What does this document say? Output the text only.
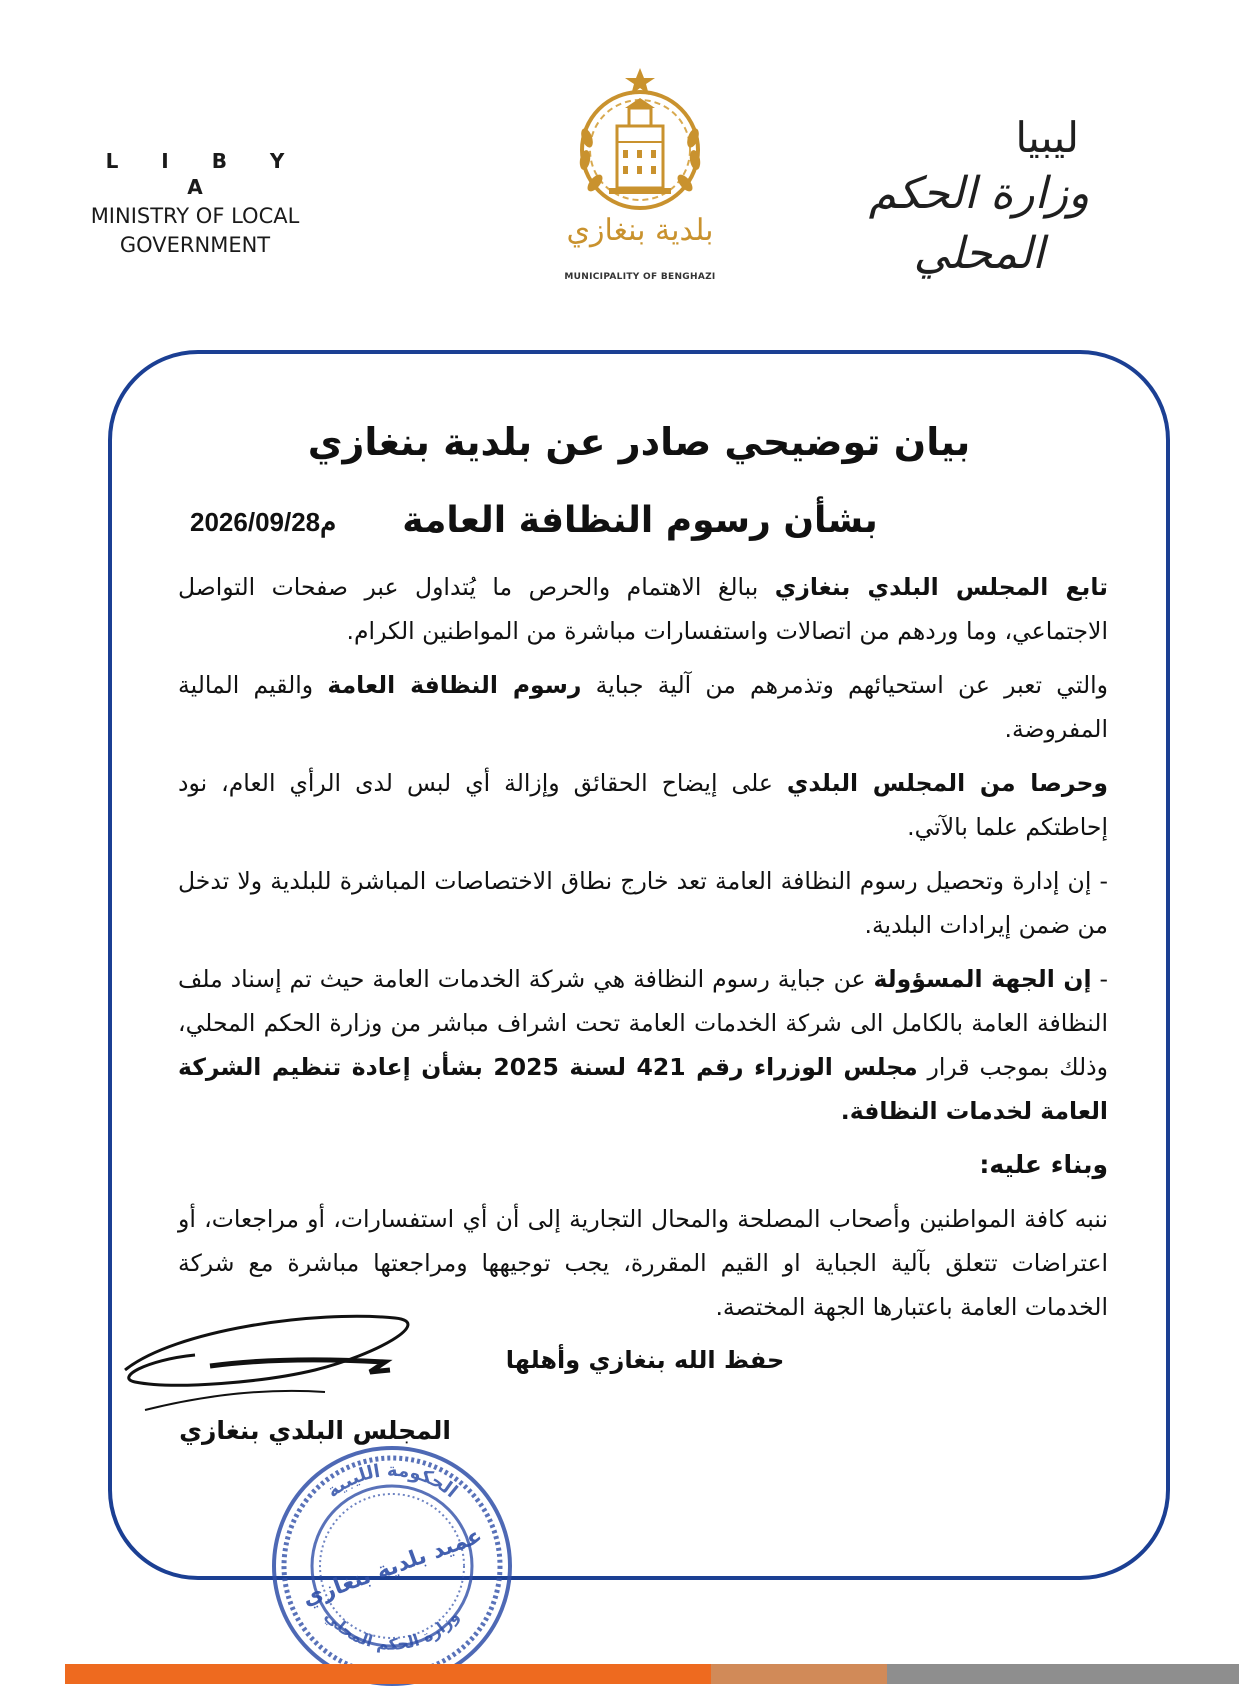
L I B Y A
MINISTRY OF LOCAL
GOVERNMENT	بلدية بنغازي
MUNICIPALITY OF BENGHAZI
ليبيا
وزارة الحكم المحلي
بيان توضيحي صادر عن بلدية بنغازي
بشأن رسوم النظافة العامة
2026/09/28م

تابع المجلس البلدي بنغازي ببالغ الاهتمام والحرص ما يُتداول عبر صفحات التواصل الاجتماعي، وما وردهم من اتصالات واستفسارات مباشرة من المواطنين الكرام.

والتي تعبر عن استحيائهم وتذمرهم من آلية جباية رسوم النظافة العامة والقيم المالية المفروضة.

وحرصا من المجلس البلدي على إيضاح الحقائق وإزالة أي لبس لدى الرأي العام، نود إحاطتكم علما بالآتي.

- إن إدارة وتحصيل رسوم النظافة العامة تعد خارج نطاق الاختصاصات المباشرة للبلدية ولا تدخل من ضمن إيرادات البلدية.

- إن الجهة المسؤولة عن جباية رسوم النظافة هي شركة الخدمات العامة حيث تم إسناد ملف النظافة العامة بالكامل الى شركة الخدمات العامة تحت اشراف مباشر من وزارة الحكم المحلي، وذلك بموجب قرار مجلس الوزراء رقم 421 لسنة 2025 بشأن إعادة تنظيم الشركة العامة لخدمات النظافة.

وبناء عليه:

ننبه كافة المواطنين وأصحاب المصلحة والمحال التجارية إلى أن أي استفسارات، أو مراجعات، أو اعتراضات تتعلق بآلية الجباية او القيم المقررة، يجب توجيهها ومراجعتها مباشرة مع شركة الخدمات العامة باعتبارها الجهة المختصة.

حفظ الله بنغازي وأهلها
المجلس البلدي بنغازي
الحكومة الليبية
وزارة الحكم المحلي
عميد بلدية بنغازي
